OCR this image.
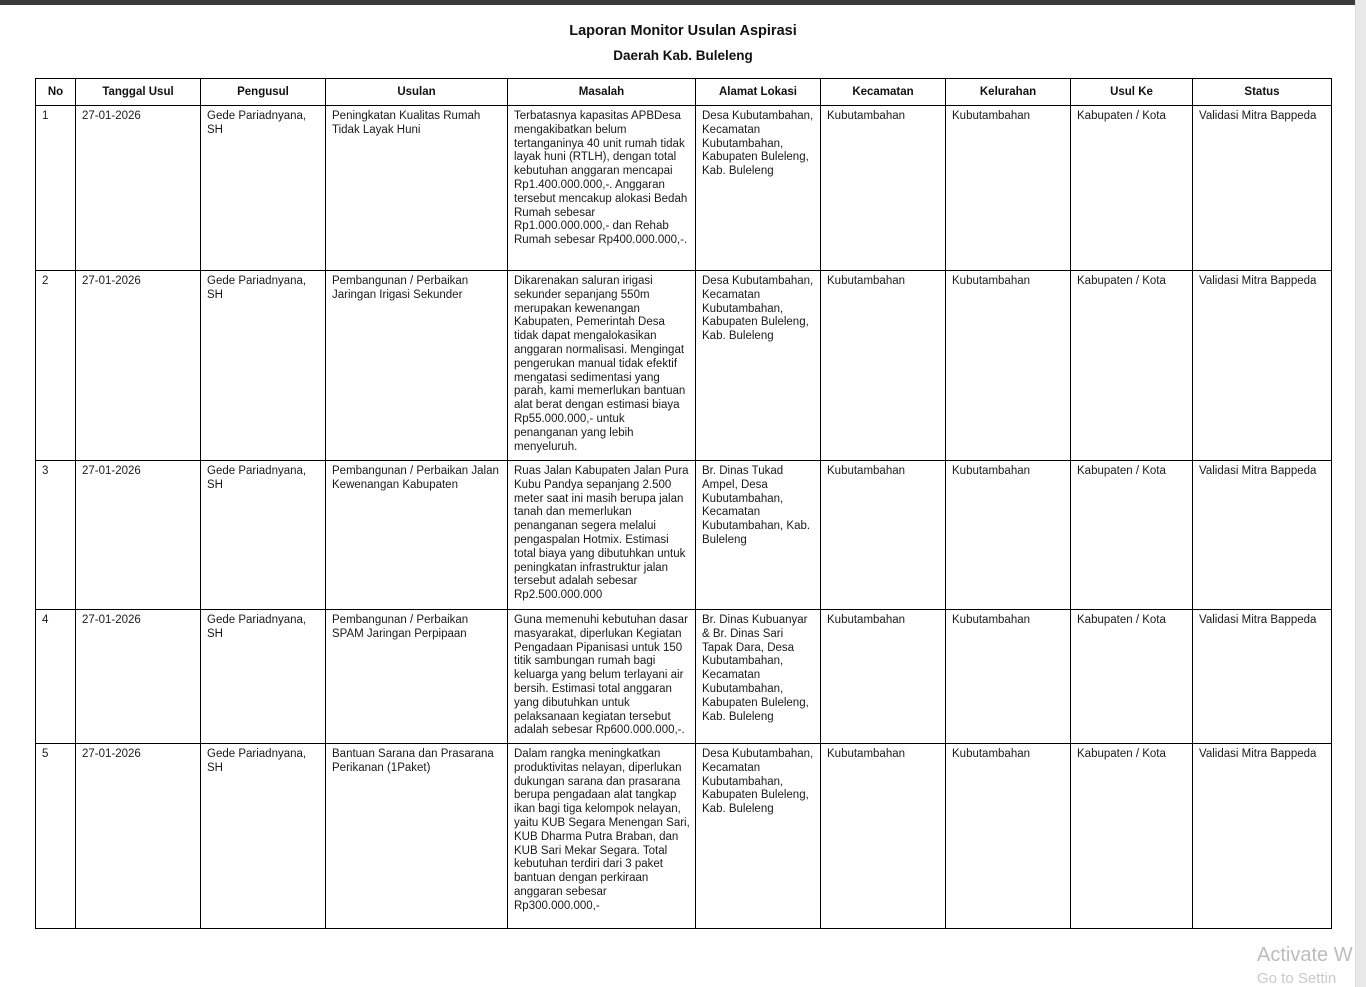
Laporan Monitor Usulan Aspirasi
Daerah Kab. Buleleng
No	Tanggal Usul	Pengusul	Usulan	Masalah	Alamat Lokasi	Kecamatan	Kelurahan	Usul Ke	Status
1	27-01-2026	Gede Pariadnyana, SH	Peningkatan Kualitas Rumah Tidak Layak Huni	Terbatasnya kapasitas APBDesa mengakibatkan belum tertanganinya 40 unit rumah tidak layak huni (RTLH), dengan total kebutuhan anggaran mencapai Rp1.400.000.000,-. Anggaran tersebut mencakup alokasi Bedah Rumah sebesar Rp1.000.000.000,- dan Rehab Rumah sebesar Rp400.000.000,-.	Desa Kubutambahan, Kecamatan Kubutambahan, Kabupaten Buleleng, Kab. Buleleng	Kubutambahan	Kubutambahan	Kabupaten / Kota	Validasi Mitra Bappeda
2	27-01-2026	Gede Pariadnyana, SH	Pembangunan / Perbaikan Jaringan Irigasi Sekunder	Dikarenakan saluran irigasi sekunder sepanjang 550m merupakan kewenangan Kabupaten, Pemerintah Desa tidak dapat mengalokasikan anggaran normalisasi. Mengingat pengerukan manual tidak efektif mengatasi sedimentasi yang parah, kami memerlukan bantuan alat berat dengan estimasi biaya Rp55.000.000,- untuk penanganan yang lebih menyeluruh.	Desa Kubutambahan, Kecamatan Kubutambahan, Kabupaten Buleleng, Kab. Buleleng	Kubutambahan	Kubutambahan	Kabupaten / Kota	Validasi Mitra Bappeda
3	27-01-2026	Gede Pariadnyana, SH	Pembangunan / Perbaikan Jalan Kewenangan Kabupaten	Ruas Jalan Kabupaten Jalan Pura Kubu Pandya sepanjang 2.500 meter saat ini masih berupa jalan tanah dan memerlukan penanganan segera melalui pengaspalan Hotmix. Estimasi total biaya yang dibutuhkan untuk peningkatan infrastruktur jalan tersebut adalah sebesar Rp2.500.000.000	Br. Dinas Tukad Ampel, Desa Kubutambahan, Kecamatan Kubutambahan, Kab. Buleleng	Kubutambahan	Kubutambahan	Kabupaten / Kota	Validasi Mitra Bappeda
4	27-01-2026	Gede Pariadnyana, SH	Pembangunan / Perbaikan SPAM Jaringan Perpipaan	Guna memenuhi kebutuhan dasar masyarakat, diperlukan Kegiatan Pengadaan Pipanisasi untuk 150 titik sambungan rumah bagi keluarga yang belum terlayani air bersih. Estimasi total anggaran yang dibutuhkan untuk pelaksanaan kegiatan tersebut adalah sebesar Rp600.000.000,-.	Br. Dinas Kubuanyar & Br. Dinas Sari Tapak Dara, Desa Kubutambahan, Kecamatan Kubutambahan, Kabupaten Buleleng, Kab. Buleleng	Kubutambahan	Kubutambahan	Kabupaten / Kota	Validasi Mitra Bappeda
5	27-01-2026	Gede Pariadnyana, SH	Bantuan Sarana dan Prasarana Perikanan (1Paket)	Dalam rangka meningkatkan produktivitas nelayan, diperlukan dukungan sarana dan prasarana berupa pengadaan alat tangkap ikan bagi tiga kelompok nelayan, yaitu KUB Segara Menengan Sari, KUB Dharma Putra Braban, dan KUB Sari Mekar Segara. Total kebutuhan terdiri dari 3 paket bantuan dengan perkiraan anggaran sebesar Rp300.000.000,-	Desa Kubutambahan, Kecamatan Kubutambahan, Kabupaten Buleleng, Kab. Buleleng	Kubutambahan	Kubutambahan	Kabupaten / Kota	Validasi Mitra Bappeda
Activate W
Go to Settin
